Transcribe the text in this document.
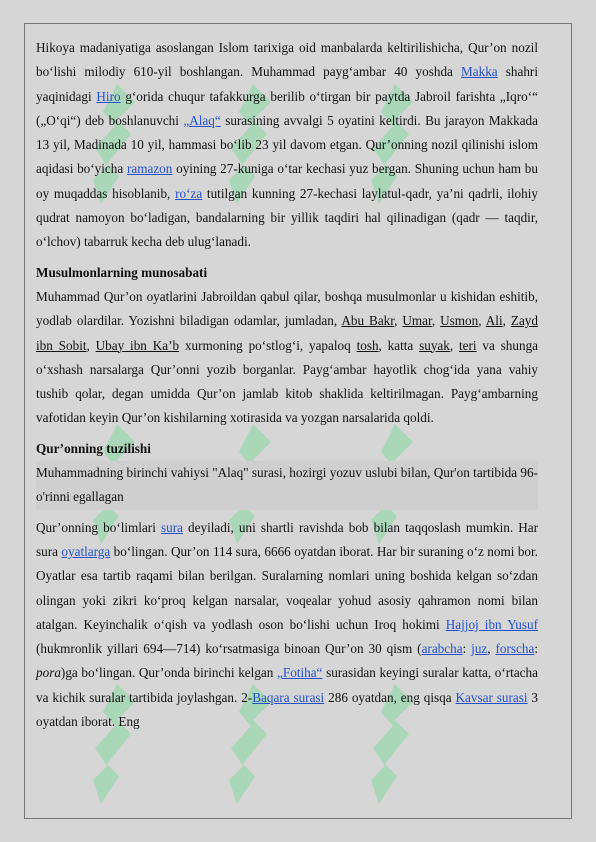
Hikoya madaniyatiga asoslangan Islom tarixiga oid manbalarda keltirilishicha, Qur’on nozil bo‘lishi milodiy 610-yil boshlangan. Muhammad payg‘ambar 40 yoshda Makka shahri yaqinidagi Hiro g‘orida chuqur tafakkurga berilib o‘tirgan bir paytda Jabroil farishta „Iqro‘“ („O‘qi“) deb boshlanuvchi „Alaq“ surasining avvalgi 5 oyatini keltirdi. Bu jarayon Makkada 13 yil, Madinada 10 yil, hammasi bo‘lib 23 yil davom etgan. Qur’onning nozil qilinishi islom aqidasi bo‘yicha ramazon oyining 27-kuniga o‘tar kechasi yuz bergan. Shuning uchun ham bu oy muqaddas hisoblanib, ro‘za tutilgan kunning 27-kechasi laylatul-qadr, ya’ni qadrli, ilohiy qudrat namoyon bo‘ladigan, bandalarning bir yillik taqdiri hal qilinadigan (qadr — taqdir, o‘lchov) tabarruk kecha deb ulug‘lanadi.

Musulmonlarning munosabati

Muhammad Qur’on oyatlarini Jabroildan qabul qilar, boshqa musulmonlar u kishidan eshitib, yodlab olardilar. Yozishni biladigan odamlar, jumladan, Abu Bakr, Umar, Usmon, Ali, Zayd ibn Sobit, Ubay ibn Ka’b xurmoning po‘stlog‘i, yapaloq tosh, katta suyak, teri va shunga o‘xshash narsalarga Qur’onni yozib borganlar. Payg‘ambar hayotlik chog‘ida yana vahiy tushib qolar, degan umidda Qur’on jamlab kitob shaklida keltirilmagan. Payg‘ambarning vafotidan keyin Qur’on kishilarning xotirasida va yozgan narsalarida qoldi.

Qur’onning tuzilishi

Muhammadning birinchi vahiysi "Alaq" surasi, hozirgi yozuv uslubi bilan, Qur'on tartibida 96-o'rinni egallagan

Qur’onning bo‘limlari sura deyiladi, uni shartli ravishda bob bilan taqqoslash mumkin. Har sura oyatlarga bo‘lingan. Qur’on 114 sura, 6666 oyatdan iborat. Har bir suraning o‘z nomi bor. Oyatlar esa tartib raqami bilan berilgan. Suralarning nomlari uning boshida kelgan so‘zdan olingan yoki zikri ko‘proq kelgan narsalar, voqealar yohud asosiy qahramon nomi bilan atalgan. Keyinchalik o‘qish va yodlash oson bo‘lishi uchun Iroq hokimi Hajjoj ibn Yusuf (hukmronlik yillari 694—714) ko‘rsatmasiga binoan Qur’on 30 qism (arabcha: juz, forscha: pora)ga bo‘lingan. Qur’onda birinchi kelgan „Fotiha“ surasidan keyingi suralar katta, o‘rtacha va kichik suralar tartibida joylashgan. 2-Baqara surasi 286 oyatdan, eng qisqa Kavsar surasi 3 oyatdan iborat. Eng
